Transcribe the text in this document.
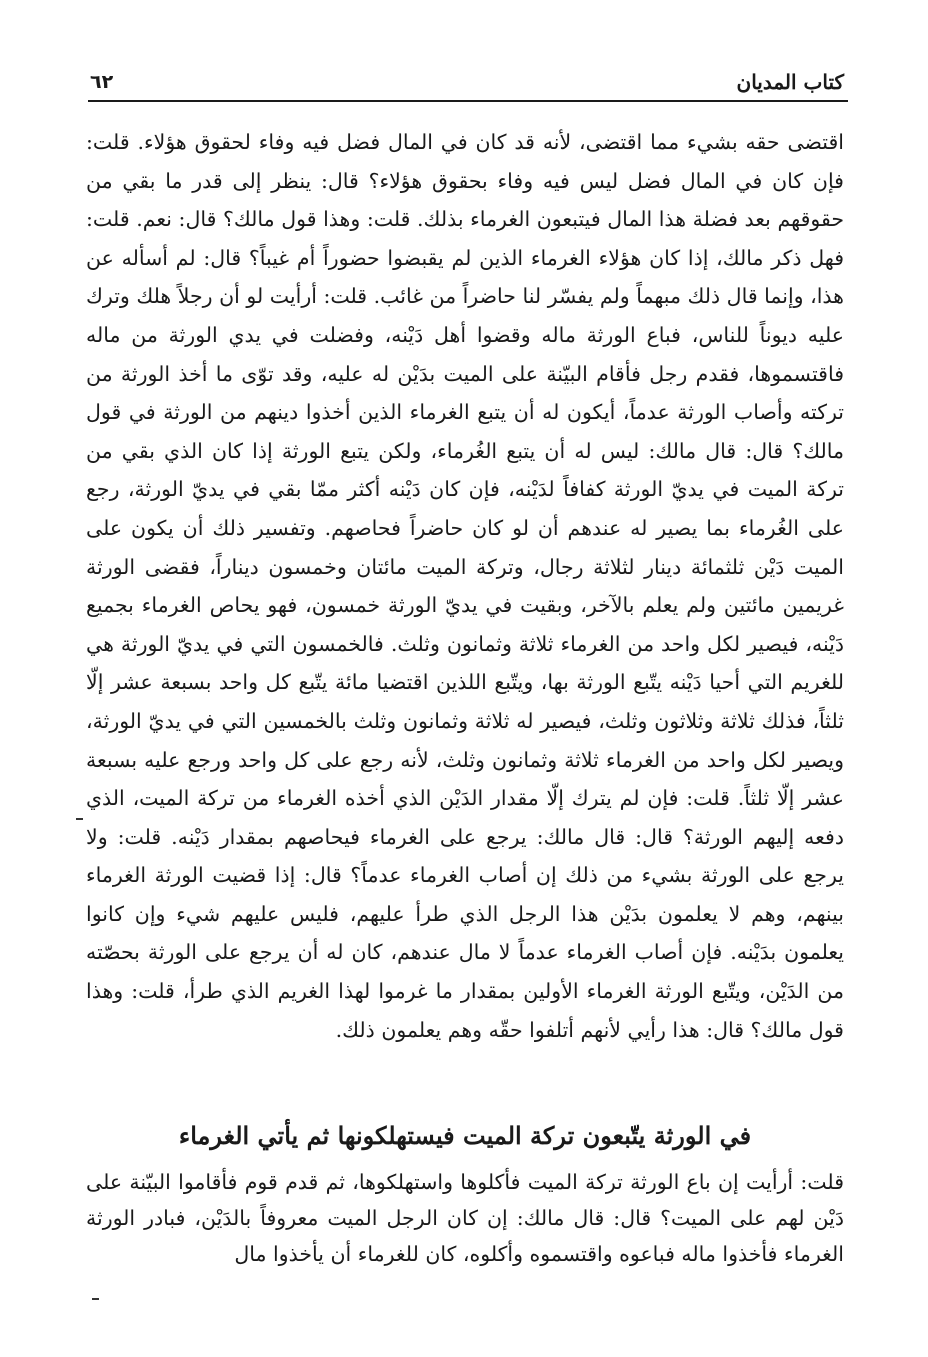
كتاب المديان
٦٢

اقتضى حقه بشيء مما اقتضى، لأنه قد كان في المال فضل فيه وفاء لحقوق هؤلاء. قلت: فإن كان في المال فضل ليس فيه وفاء بحقوق هؤلاء؟ قال: ينظر إلى قدر ما بقي من حقوقهم بعد فضلة هذا المال فيتبعون الغرماء بذلك. قلت: وهذا قول مالك؟ قال: نعم. قلت: فهل ذكر مالك، إذا كان هؤلاء الغرماء الذين لم يقبضوا حضوراً أم غيباً؟ قال: لم أسأله عن هذا، وإنما قال ذلك مبهماً ولم يفسّر لنا حاضراً من غائب. قلت: أرأيت لو أن رجلاً هلك وترك عليه ديوناً للناس، فباع الورثة ماله وقضوا أهل دَيْنه، وفضلت في يدي الورثة من ماله فاقتسموها، فقدم رجل فأقام البيّنة على الميت بدَيْن له عليه، وقد توّى ما أخذ الورثة من تركته وأصاب الورثة عدماً، أيكون له أن يتبع الغرماء الذين أخذوا دينهم من الورثة في قول مالك؟ قال: قال مالك: ليس له أن يتبع الغُرماء، ولكن يتبع الورثة إذا كان الذي بقي من تركة الميت في يديّ الورثة كفافاً لدَيْنه، فإن كان دَيْنه أكثر ممّا بقي في يديّ الورثة، رجع على الغُرماء بما يصير له عندهم أن لو كان حاضراً فحاصهم. وتفسير ذلك أن يكون على الميت دَيْن ثلثمائة دينار لثلاثة رجال، وتركة الميت مائتان وخمسون ديناراً، فقضى الورثة غريمين مائتين ولم يعلم بالآخر، وبقيت في يديّ الورثة خمسون، فهو يحاص الغرماء بجميع دَيْنه، فيصير لكل واحد من الغرماء ثلاثة وثمانون وثلث. فالخمسون التي في يديّ الورثة هي للغريم التي أحيا دَيْنه يتّبع الورثة بها، ويتّبع اللذين اقتضيا مائة يتّبع كل واحد بسبعة عشر إلّا ثلثاً، فذلك ثلاثة وثلاثون وثلث، فيصير له ثلاثة وثمانون وثلث بالخمسين التي في يديّ الورثة، ويصير لكل واحد من الغرماء ثلاثة وثمانون وثلث، لأنه رجع على كل واحد ورجع عليه بسبعة عشر إلّا ثلثاً. قلت: فإن لم يترك إلّا مقدار الدَيْن الذي أخذه الغرماء من تركة الميت، الذي دفعه إليهم الورثة؟ قال: قال مالك: يرجع على الغرماء فيحاصهم بمقدار دَيْنه. قلت: ولا يرجع على الورثة بشيء من ذلك إن أصاب الغرماء عدماً؟ قال: إذا قضيت الورثة الغرماء بينهم، وهم لا يعلمون بدَيْن هذا الرجل الذي طرأ عليهم، فليس عليهم شيء وإن كانوا يعلمون بدَيْنه. فإن أصاب الغرماء عدماً لا مال عندهم، كان له أن يرجع على الورثة بحصّته من الدَيْن، ويتّبع الورثة الغرماء الأولين بمقدار ما غرموا لهذا الغريم الذي طرأ، قلت: وهذا قول مالك؟ قال: هذا رأيي لأنهم أتلفوا حقّه وهم يعلمون ذلك.

في الورثة يتّبعون تركة الميت فيستهلكونها ثم يأتي الغرماء

قلت: أرأيت إن باع الورثة تركة الميت فأكلوها واستهلكوها، ثم قدم قوم فأقاموا البيّنة على دَيْن لهم على الميت؟ قال: قال مالك: إن كان الرجل الميت معروفاً بالدَيْن، فبادر الورثة الغرماء فأخذوا ماله فباعوه واقتسموه وأكلوه، كان للغرماء أن يأخذوا مال
